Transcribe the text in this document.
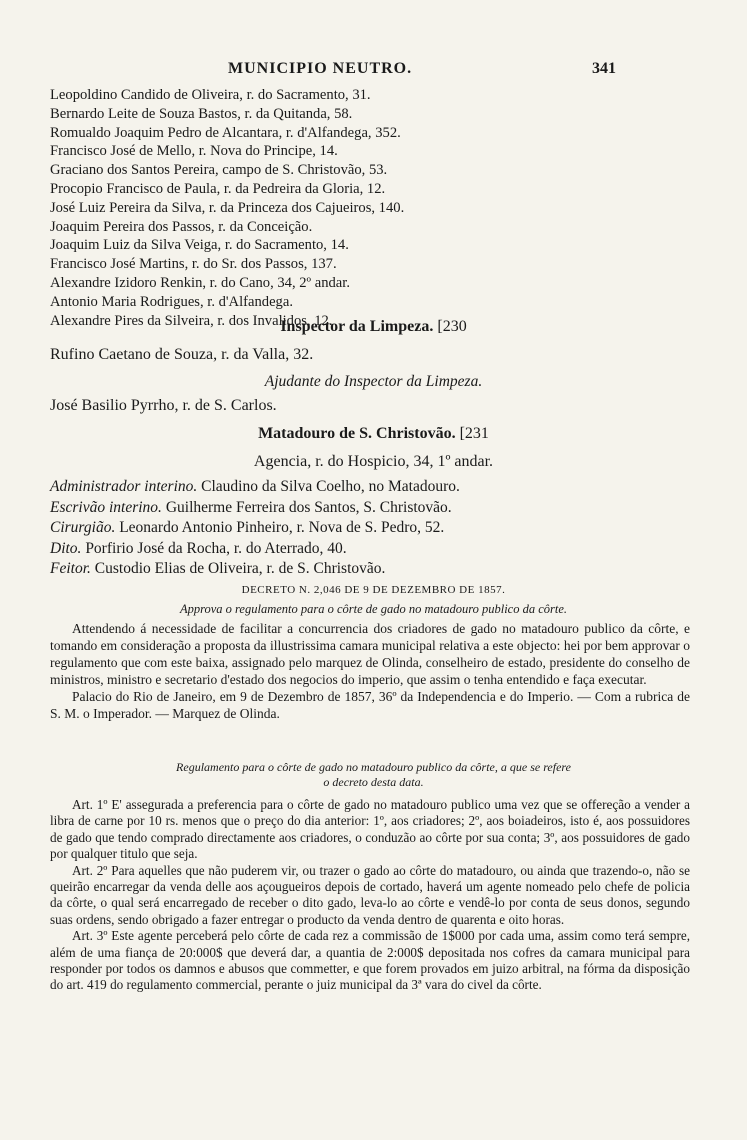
MUNICIPIO NEUTRO.	341
Leopoldino Candido de Oliveira, r. do Sacramento, 31.
Bernardo Leite de Souza Bastos, r. da Quitanda, 58.
Romualdo Joaquim Pedro de Alcantara, r. d'Alfandega, 352.
Francisco José de Mello, r. Nova do Principe, 14.
Graciano dos Santos Pereira, campo de S. Christovão, 53.
Procopio Francisco de Paula, r. da Pedreira da Gloria, 12.
José Luiz Pereira da Silva, r. da Princeza dos Cajueiros, 140.
Joaquim Pereira dos Passos, r. da Conceição.
Joaquim Luiz da Silva Veiga, r. do Sacramento, 14.
Francisco José Martins, r. do Sr. dos Passos, 137.
Alexandre Izidoro Renkin, r. do Cano, 34, 2º andar.
Antonio Maria Rodrigues, r. d'Alfandega.
Alexandre Pires da Silveira, r. dos Invalidos, 12.
Inspector da Limpeza. [230
Rufino Caetano de Souza, r. da Valla, 32.
Ajudante do Inspector da Limpeza.
José Basilio Pyrrho, r. de S. Carlos.
Matadouro de S. Christovão. [231
Agencia, r. do Hospicio, 34, 1º andar.
Administrador interino. Claudino da Silva Coelho, no Matadouro.
Escrivão interino. Guilherme Ferreira dos Santos, S. Christovão.
Cirurgião. Leonardo Antonio Pinheiro, r. Nova de S. Pedro, 52.
Dito. Porfirio José da Rocha, r. do Aterrado, 40.
Feitor. Custodio Elias de Oliveira, r. de S. Christovão.
DECRETO N. 2,046 DE 9 DE DEZEMBRO DE 1857.
Approva o regulamento para o côrte de gado no matadouro publico da côrte.

Attendendo á necessidade de facilitar a concurrencia dos criadores de gado no matadouro publico da côrte, e tomando em consideração a proposta da illustrissima camara municipal relativa a este objecto: hei por bem approvar o regulamento que com este baixa, assignado pelo marquez de Olinda, conselheiro de estado, presidente do conselho de ministros, ministro e secretario d'estado dos negocios do imperio, que assim o tenha entendido e faça executar.

Palacio do Rio de Janeiro, em 9 de Dezembro de 1857, 36º da Independencia e do Imperio. — Com a rubrica de S. M. o Imperador. — Marquez de Olinda.

Regulamento para o côrte de gado no matadouro publico da côrte, a que se refere
o decreto desta data.

Art. 1º E' assegurada a preferencia para o côrte de gado no matadouro publico uma vez que se offereção a vender a libra de carne por 10 rs. menos que o preço do dia anterior: 1º, aos criadores; 2º, aos boiadeiros, isto é, aos possuidores de gado que tendo comprado directamente aos criadores, o conduzão ao côrte por sua conta; 3º, aos possuidores de gado por qualquer titulo que seja.

Art. 2º Para aquelles que não puderem vir, ou trazer o gado ao côrte do matadouro, ou ainda que trazendo-o, não se queirão encarregar da venda delle aos açougueiros depois de cortado, haverá um agente nomeado pelo chefe de policia da côrte, o qual será encarregado de receber o dito gado, leva-lo ao côrte e vendê-lo por conta de seus donos, segundo suas ordens, sendo obrigado a fazer entregar o producto da venda dentro de quarenta e oito horas.

Art. 3º Este agente perceberá pelo côrte de cada rez a commissão de 1$000 por cada uma, assim como terá sempre, além de uma fiança de 20:000$ que deverá dar, a quantia de 2:000$ depositada nos cofres da camara municipal para responder por todos os damnos e abusos que commetter, e que forem provados em juizo arbitral, na fórma da disposição do art. 419 do regulamento commercial, perante o juiz municipal da 3ª vara do civel da côrte.
